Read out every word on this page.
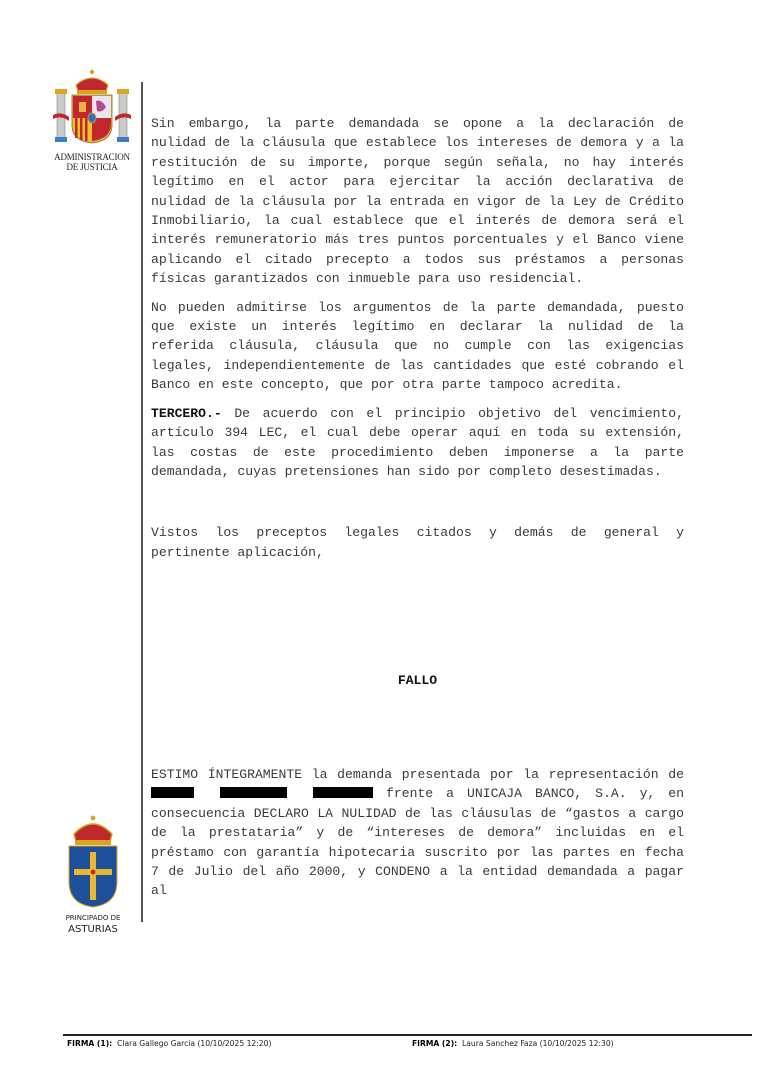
ADMINISTRACION
DE JUSTICIA

Sin embargo, la parte demandada se opone a la declaración de nulidad de la cláusula que establece los intereses de demora y a la restitución de su importe, porque según señala, no hay interés legítimo en el actor para ejercitar la acción declarativa de nulidad de la cláusula por la entrada en vigor de la Ley de Crédito Inmobiliario, la cual establece que el interés de demora será el interés remuneratorio más tres puntos porcentuales y el Banco viene aplicando el citado precepto a todos sus préstamos a personas físicas garantizados con inmueble para uso residencial.

No pueden admitirse los argumentos de la parte demandada, puesto que existe un interés legítimo en declarar la nulidad de la referida cláusula, cláusula que no cumple con las exigencias legales, independientemente de las cantidades que esté cobrando el Banco en este concepto, que por otra parte tampoco acredita.

TERCERO.- De acuerdo con el principio objetivo del vencimiento, artículo 394 LEC, el cual debe operar aquí en toda su extensión, las costas de este procedimiento deben imponerse a la parte demandada, cuyas pretensiones han sido por completo desestimadas.

Vistos los preceptos legales citados y demás de general y pertinente aplicación,

FALLO

ESTIMO ÍNTEGRAMENTE la demanda presentada por la representación de      frente a UNICAJA BANCO, S.A. y, en consecuencia DECLARO LA NULIDAD de las cláusulas de “gastos a cargo de la prestataria” y de “intereses de demora” incluidas en el préstamo con garantía hipotecaria suscrito por las partes en fecha 7 de Julio del año 2000, y CONDENO a la entidad demandada a pagar al

PRINCIPADO DE
ASTURIAS
FIRMA (1): Clara Gallego Garcia (10/10/2025 12:20)	FIRMA (2): Laura Sanchez Faza (10/10/2025 12:30)
